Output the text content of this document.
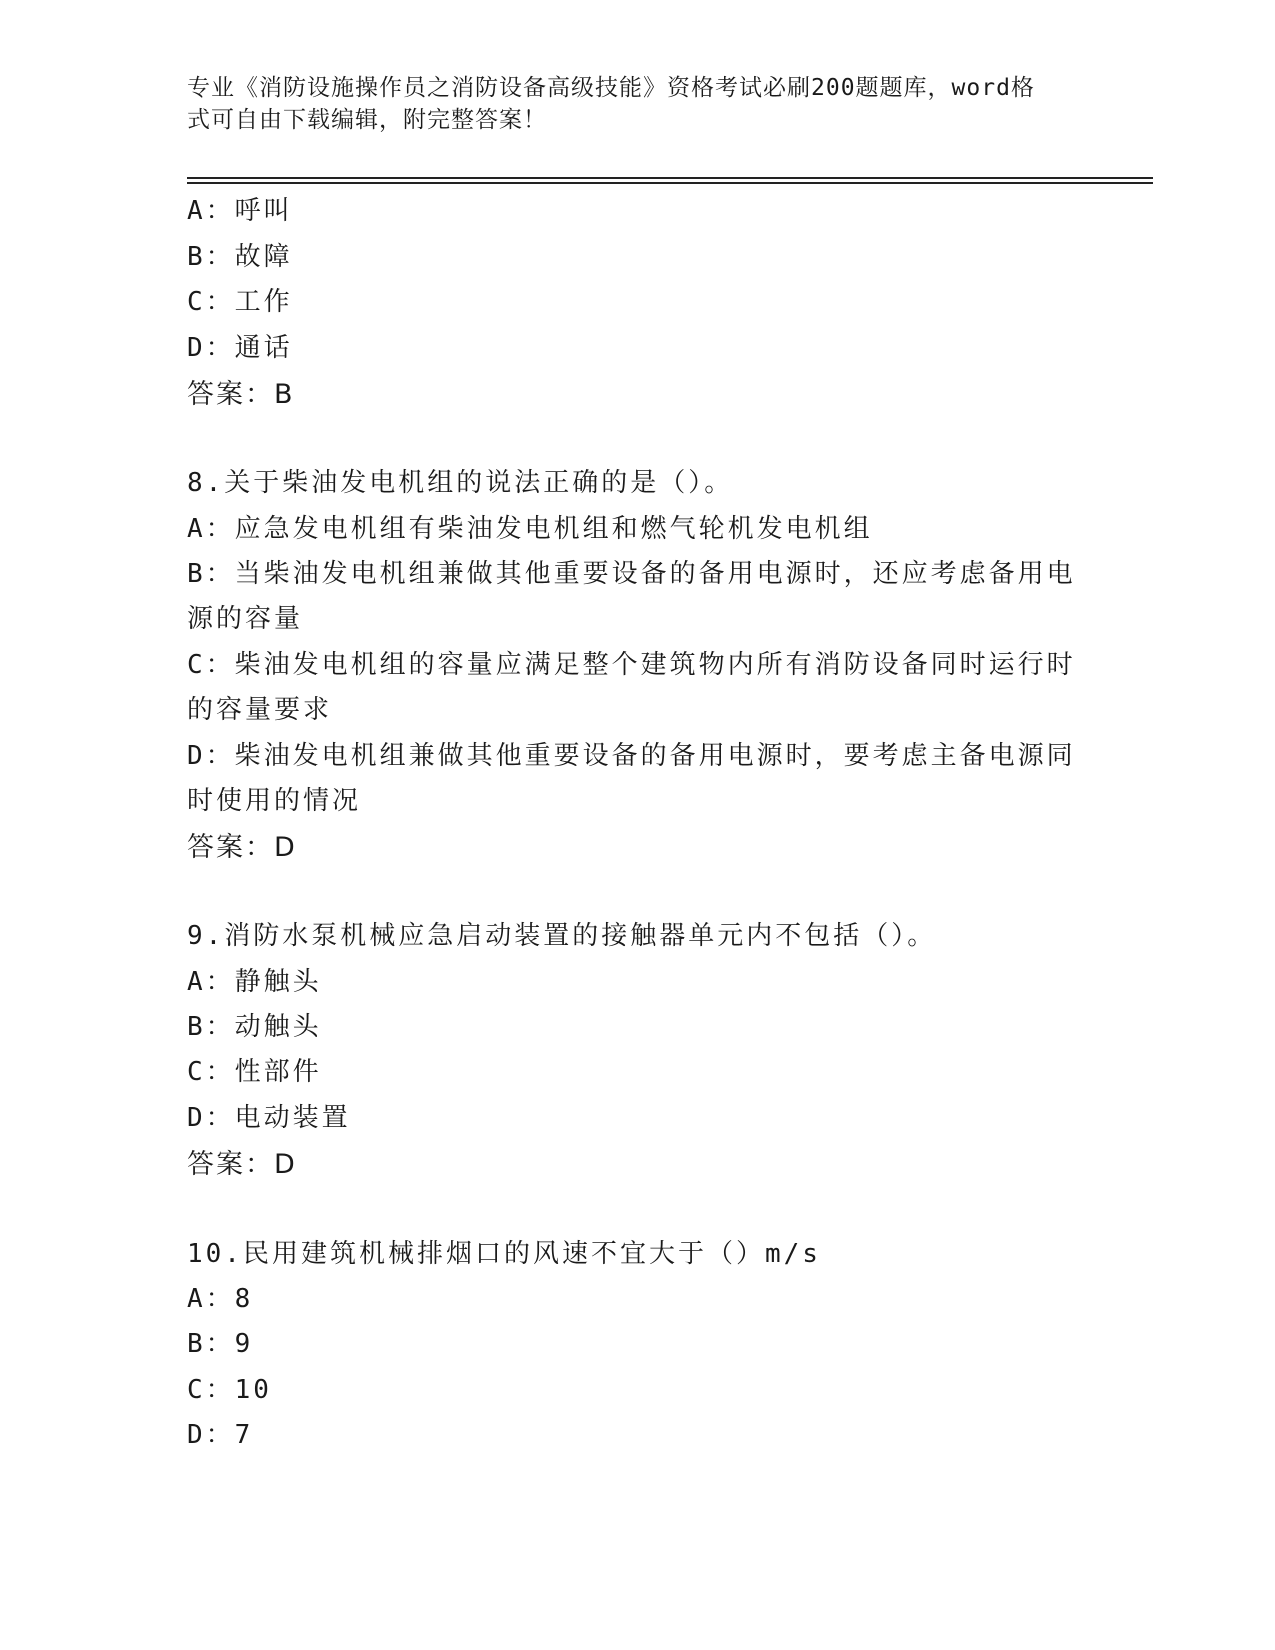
专业《消防设施操作员之消防设备高级技能》资格考试必刷200题题库，word格
式可自由下载编辑，附完整答案！
A：呼叫
B：故障
C：工作
D：通话
答案：B
8.关于柴油发电机组的说法正确的是（）。
A：应急发电机组有柴油发电机组和燃气轮机发电机组
B：当柴油发电机组兼做其他重要设备的备用电源时，还应考虑备用电
源的容量
C：柴油发电机组的容量应满足整个建筑物内所有消防设备同时运行时
的容量要求
D：柴油发电机组兼做其他重要设备的备用电源时，要考虑主备电源同
时使用的情况
答案：D
9.消防水泵机械应急启动装置的接触器单元内不包括（）。
A：静触头
B：动触头
C：性部件
D：电动装置
答案：D
10.民用建筑机械排烟口的风速不宜大于（）m/s
A：8
B：9
C：10
D：7
